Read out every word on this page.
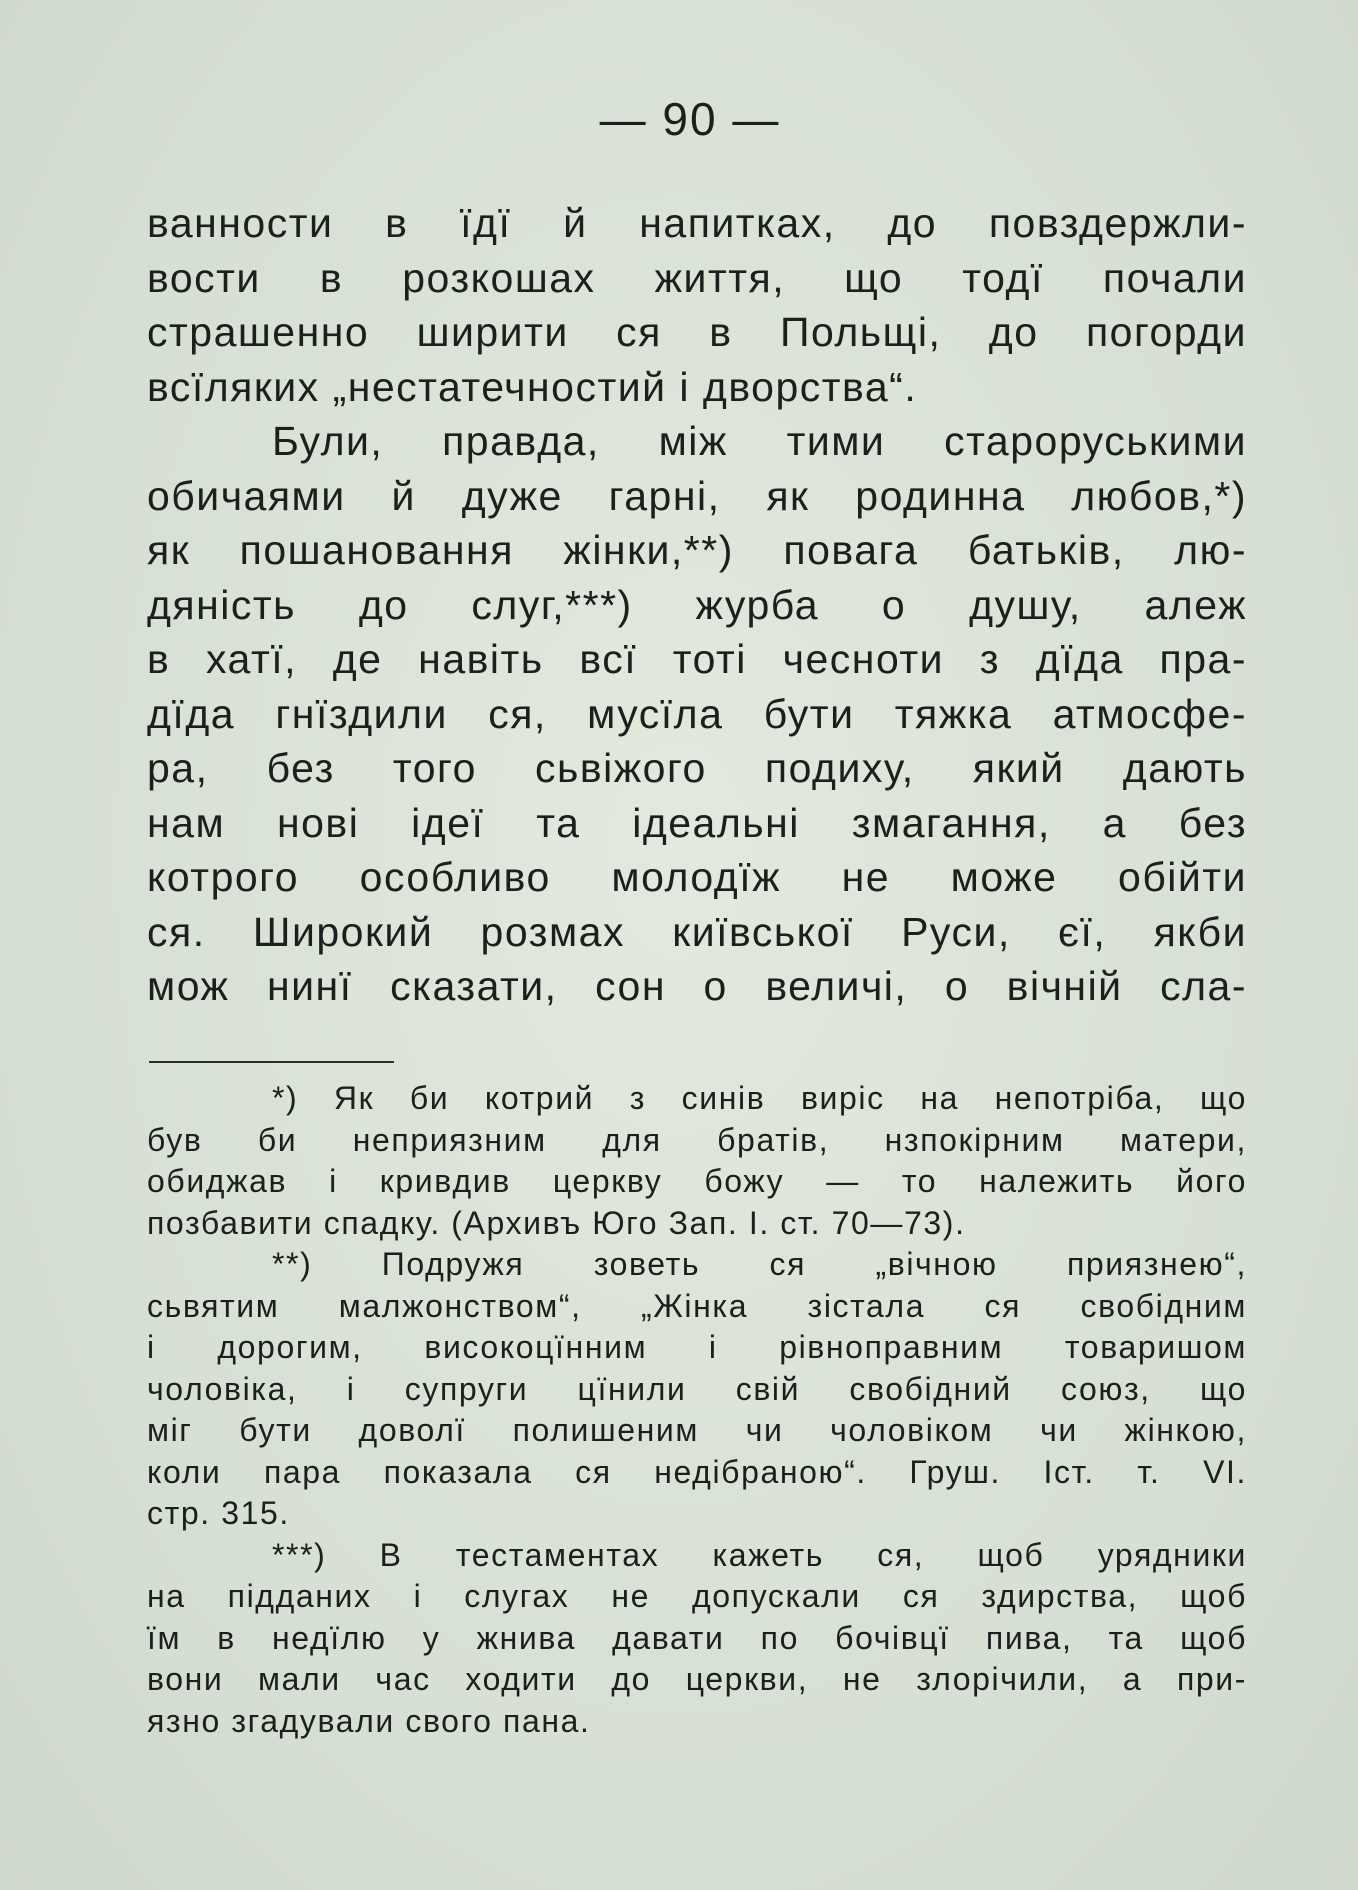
— 90 —
ванности в їдї й напитках, до повздержли-
вости в розкошах життя, що тодї почали
страшенно ширити ся в Польщі, до погорди
всїляких „нестатечностий і дворства“.
Були, правда, між тими староруськими
обичаями й дуже гарні, як родинна любов,*)
як пошановання жінки,**) повага батьків, лю-
дяність до слуг,***) журба о душу, алеж
в хатї, де навіть всї тоті чесноти з дїда пра-
дїда гнїздили ся, мусїла бути тяжка атмосфе-
ра, без того сьвіжого подиху, який дають
нам нові ідеї та ідеальні змагання, а без
котрого особливо молодїж не може обійти
ся. Широкий розмах київської Руси, єї, якби
мож нинї сказати, сон о величі, о вічній сла-
*) Як би котрий з синів виріс на непотріба, що
був би неприязним для братів, нзпокірним матери,
обиджав і кривдив церкву божу — то належить його
позбавити спадку. (Архивъ Юго Зап. І. ст. 70—73).
**) Подружя зоветь ся „вічною приязнею“,
сьвятим малжонством“, „Жінка зістала ся свобідним
і дорогим, високоцїнним і рівноправним товаришом
чоловіка, і супруги цїнили свій свобідний союз, що
міг бути доволї полишеним чи чоловіком чи жінкою,
коли пара показала ся недібраною“. Груш. Іст. т. VI.
стр. 315.
***) В тестаментах кажеть ся, щоб урядники
на підданих і слугах не допускали ся здирства, щоб
їм в недїлю у жнива давати по бочівцї пива, та щоб
вони мали час ходити до церкви, не злорічили, а при-
язно згадували свого пана.
